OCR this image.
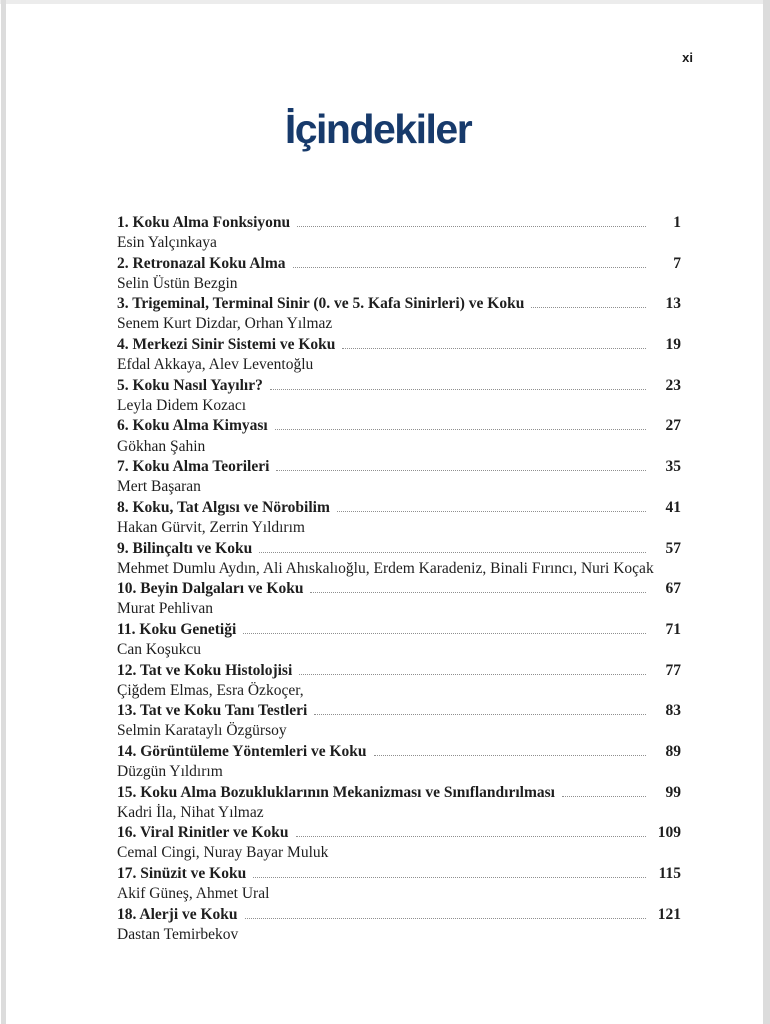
xi
İçindekiler
1. Koku Alma Fonksiyonu	1
Esin Yalçınkaya
2. Retronazal Koku Alma	7
Selin Üstün Bezgin
3. Trigeminal, Terminal Sinir (0. ve 5. Kafa Sinirleri) ve Koku	13
Senem Kurt Dizdar, Orhan Yılmaz
4. Merkezi Sinir Sistemi ve Koku	19
Efdal Akkaya, Alev Leventoğlu
5. Koku Nasıl Yayılır?	23
Leyla Didem Kozacı
6. Koku Alma Kimyası	27
Gökhan Şahin
7. Koku Alma Teorileri	35
Mert Başaran
8. Koku, Tat Algısı ve Nörobilim	41
Hakan Gürvit, Zerrin Yıldırım
9. Bilinçaltı ve Koku	57
Mehmet Dumlu Aydın, Ali Ahıskalıoğlu, Erdem Karadeniz, Binali Fırıncı, Nuri Koçak
10. Beyin Dalgaları ve Koku	67
Murat Pehlivan
11. Koku Genetiği	71
Can Koşukcu
12. Tat ve Koku Histolojisi	77
Çiğdem Elmas, Esra Özkoçer,
13. Tat ve Koku Tanı Testleri	83
Selmin Karataylı Özgürsoy
14. Görüntüleme Yöntemleri ve Koku	89
Düzgün Yıldırım
15. Koku Alma Bozukluklarının Mekanizması ve Sınıflandırılması	99
Kadri İla, Nihat Yılmaz
16. Viral Rinitler ve Koku	109
Cemal Cingi, Nuray Bayar Muluk
17. Sinüzit ve Koku	115
Akif Güneş, Ahmet Ural
18. Alerji ve Koku	121
Dastan Temirbekov
